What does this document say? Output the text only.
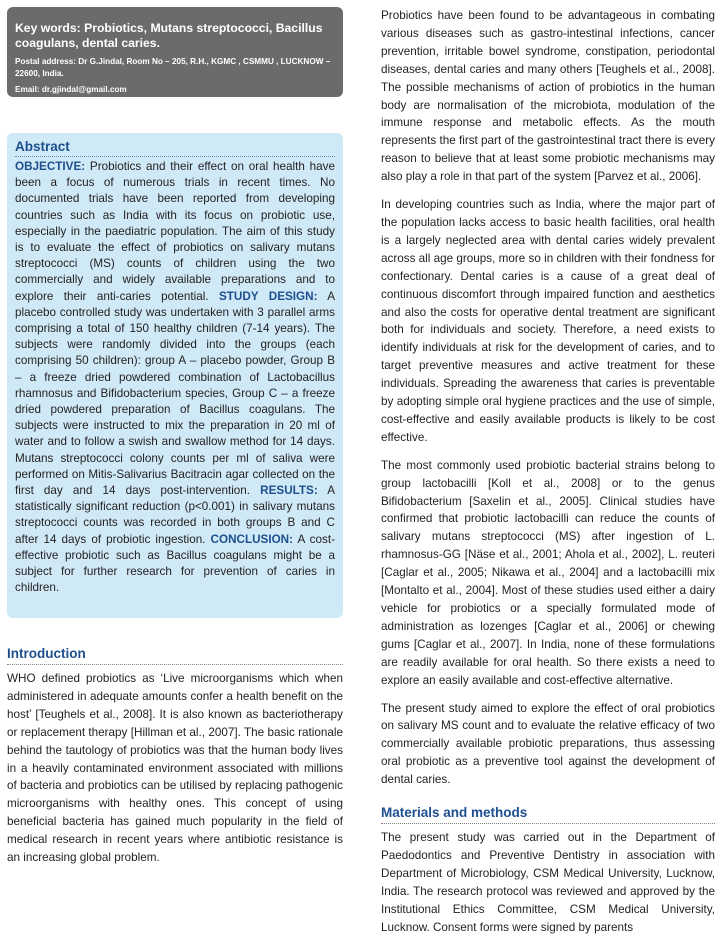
Key words: Probiotics, Mutans streptococci, Bacillus coagulans, dental caries.
Postal address: Dr G.Jindal, Room No – 205, R.H., KGMC , CSMMU , LUCKNOW – 22600, India.
Email: dr.gjindal@gmail.com
Abstract
OBJECTIVE: Probiotics and their effect on oral health have been a focus of numerous trials in recent times. No documented trials have been reported from developing countries such as India with its focus on probiotic use, especially in the paediatric population. The aim of this study is to evaluate the effect of probiotics on salivary mutans streptococci (MS) counts of children using the two commercially and widely available preparations and to explore their anti-caries potential. STUDY DESIGN: A placebo controlled study was undertaken with 3 parallel arms comprising a total of 150 healthy children (7-14 years). The subjects were randomly divided into the groups (each comprising 50 children): group A – placebo powder, Group B – a freeze dried powdered combination of Lactobacillus rhamnosus and Bifidobacterium species, Group C – a freeze dried powdered preparation of Bacillus coagulans. The subjects were instructed to mix the preparation in 20 ml of water and to follow a swish and swallow method for 14 days. Mutans streptococci colony counts per ml of saliva were performed on Mitis-Salivarius Bacitracin agar collected on the first day and 14 days post-intervention. RESULTS: A statistically significant reduction (p<0.001) in salivary mutans streptococci counts was recorded in both groups B and C after 14 days of probiotic ingestion. CONCLUSION: A cost-effective probiotic such as Bacillus coagulans might be a subject for further research for prevention of caries in children.
Introduction

WHO defined probiotics as ‘Live microorganisms which when administered in adequate amounts confer a health benefit on the host’ [Teughels et al., 2008]. It is also known as bacteriotherapy or replacement therapy [Hillman et al., 2007]. The basic rationale behind the tautology of probiotics was that the human body lives in a heavily contaminated environment associated with millions of bacteria and probiotics can be utilised by replacing pathogenic microorganisms with healthy ones. This concept of using beneficial bacteria has gained much popularity in the field of medical research in recent years where antibiotic resistance is an increasing global problem.

Probiotics have been found to be advantageous in combating various diseases such as gastro-intestinal infections, cancer prevention, irritable bowel syndrome, constipation, periodontal diseases, dental caries and many others [Teughels et al., 2008]. The possible mechanisms of action of probiotics in the human body are normalisation of the microbiota, modulation of the immune response and metabolic effects. As the mouth represents the first part of the gastrointestinal tract there is every reason to believe that at least some probiotic mechanisms may also play a role in that part of the system [Parvez et al., 2006].

In developing countries such as India, where the major part of the population lacks access to basic health facilities, oral health is a largely neglected area with dental caries widely prevalent across all age groups, more so in children with their fondness for confectionary. Dental caries is a cause of a great deal of continuous discomfort through impaired function and aesthetics and also the costs for operative dental treatment are significant both for individuals and society. Therefore, a need exists to identify individuals at risk for the development of caries, and to target preventive measures and active treatment for these individuals. Spreading the awareness that caries is preventable by adopting simple oral hygiene practices and the use of simple, cost-effective and easily available products is likely to be cost effective.

The most commonly used probiotic bacterial strains belong to group lactobacilli [Koll et al., 2008] or to the genus Bifidobacterium [Saxelin et al., 2005]. Clinical studies have confirmed that probiotic lactobacilli can reduce the counts of salivary mutans streptococci (MS) after ingestion of L. rhamnosus-GG [Näse et al., 2001; Ahola et al., 2002], L. reuteri [Caglar et al., 2005; Nikawa et al., 2004] and a lactobacilli mix [Montalto et al., 2004]. Most of these studies used either a dairy vehicle for probiotics or a specially formulated mode of administration as lozenges [Caglar et al., 2006] or chewing gums [Caglar et al., 2007]. In India, none of these formulations are readily available for oral health. So there exists a need to explore an easily available and cost-effective alternative.

The present study aimed to explore the effect of oral probiotics on salivary MS count and to evaluate the relative efficacy of two commercially available probiotic preparations, thus assessing oral probiotic as a preventive tool against the development of dental caries.

Materials and methods

The present study was carried out in the Department of Paedodontics and Preventive Dentistry in association with Department of Microbiology, CSM Medical University, Lucknow, India. The research protocol was reviewed and approved by the Institutional Ethics Committee, CSM Medical University, Lucknow. Consent forms were signed by parents
